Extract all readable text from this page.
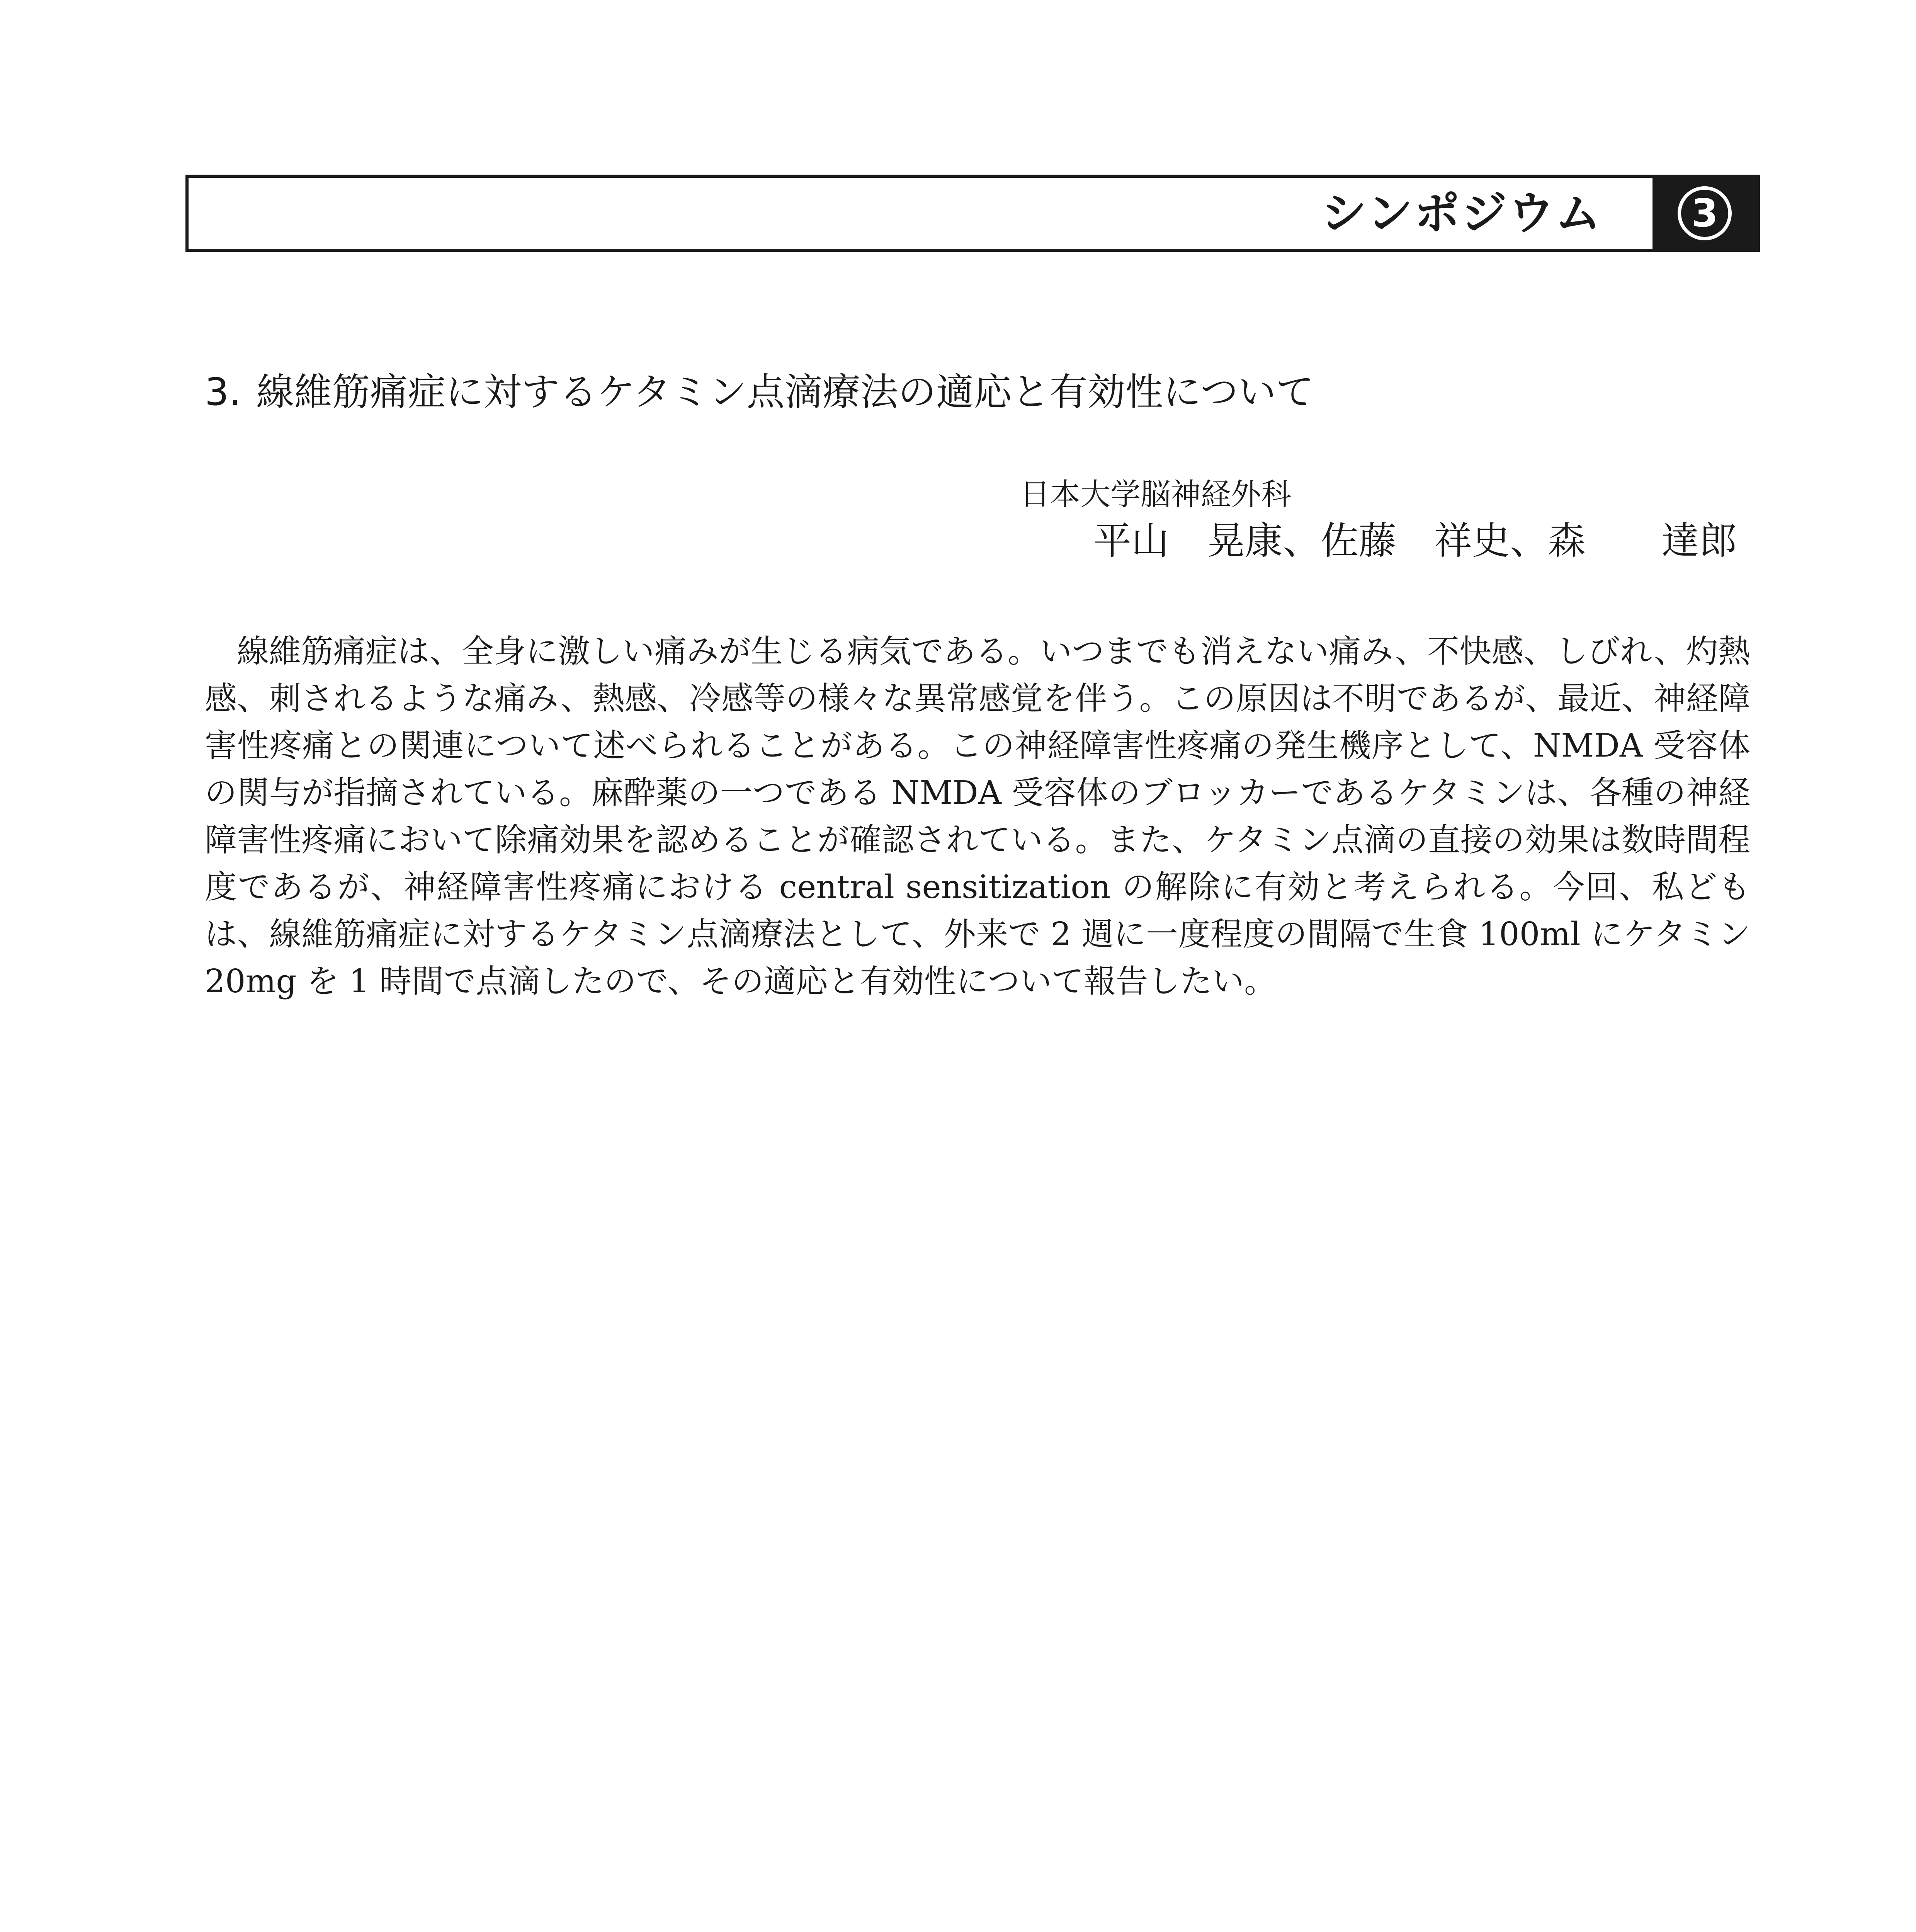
シンポジウム	3
3. 線維筋痛症に対するケタミン点滴療法の適応と有効性について
日本大学脳神経外科
平山　晃康、佐藤　祥史、森　　達郎

線維筋痛症は、全身に激しい痛みが生じる病気である。いつまでも消えない痛み、不快感、しびれ、灼熱感、刺されるような痛み、熱感、冷感等の様々な異常感覚を伴う。この原因は不明であるが、最近、神経障害性疼痛との関連について述べられることがある。この神経障害性疼痛の発生機序として、NMDA 受容体の関与が指摘されている。麻酔薬の一つである NMDA 受容体のブロッカーであるケタミンは、各種の神経障害性疼痛において除痛効果を認めることが確認されている。また、ケタミン点滴の直接の効果は数時間程度であるが、神経障害性疼痛における central sensitization の解除に有効と考えられる。今回、私どもは、線維筋痛症に対するケタミン点滴療法として、外来で 2 週に一度程度の間隔で生食 100ml にケタミン 20mg を 1 時間で点滴したので、その適応と有効性について報告したい。
